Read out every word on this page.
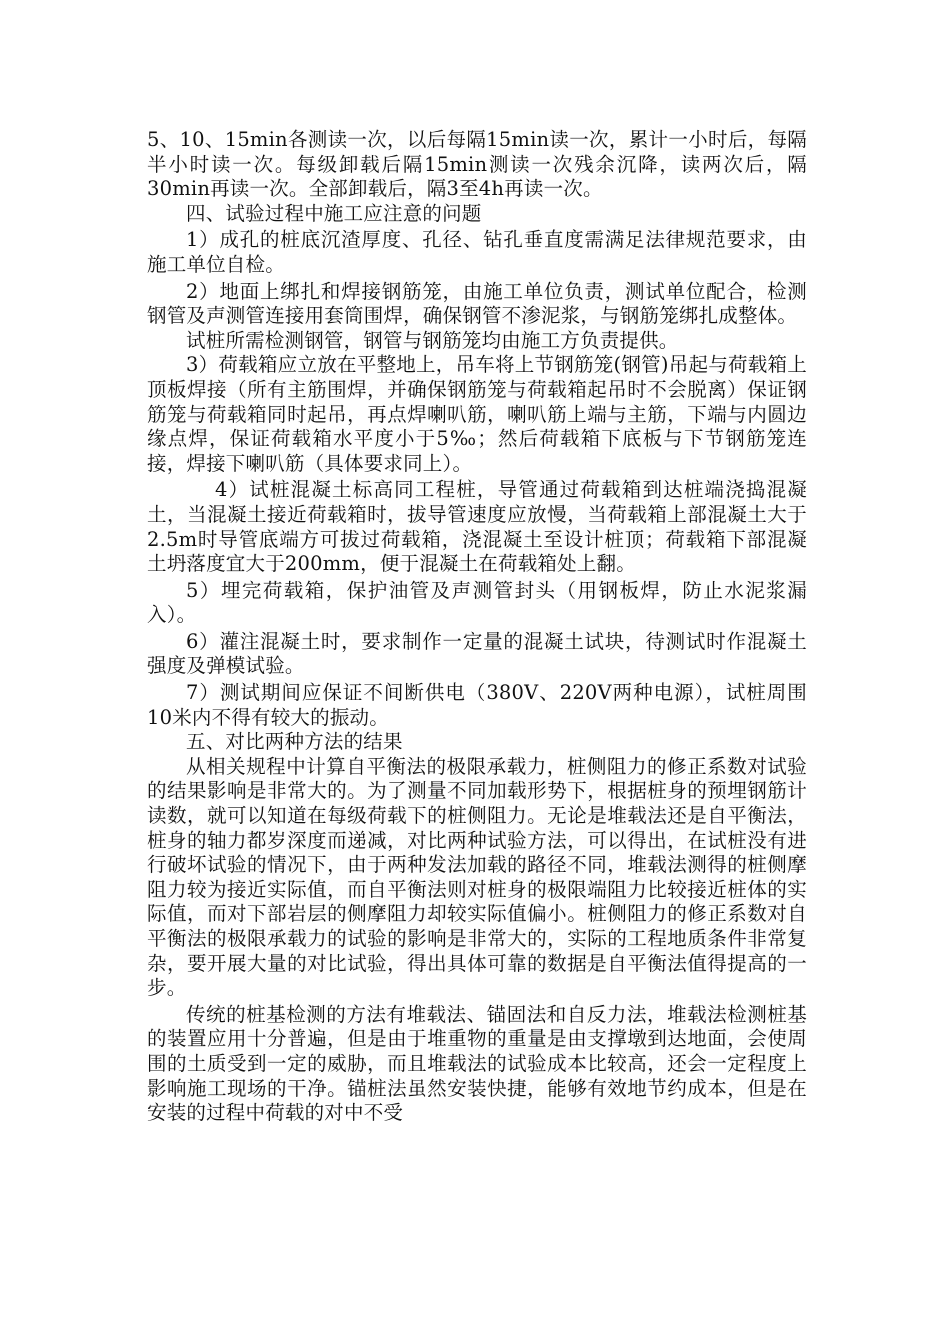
5、10、15min各测读一次，以后每隔15min读一次，累计一小时后，每隔半小时读一次。每级卸载后隔15min测读一次残余沉降，读两次后，隔30min再读一次。全部卸载后，隔3至4h再读一次。

四、试验过程中施工应注意的问题

1）成孔的桩底沉渣厚度、孔径、钻孔垂直度需满足法律规范要求，由施工单位自检。

2）地面上绑扎和焊接钢筋笼，由施工单位负责，测试单位配合，检测钢管及声测管连接用套筒围焊，确保钢管不渗泥浆，与钢筋笼绑扎成整体。

试桩所需检测钢管，钢管与钢筋笼均由施工方负责提供。

3）荷载箱应立放在平整地上，吊车将上节钢筋笼(钢管)吊起与荷载箱上顶板焊接（所有主筋围焊，并确保钢筋笼与荷载箱起吊时不会脱离）保证钢筋笼与荷载箱同时起吊，再点焊喇叭筋，喇叭筋上端与主筋，下端与内圆边缘点焊，保证荷载箱水平度小于5‰；然后荷载箱下底板与下节钢筋笼连接，焊接下喇叭筋（具体要求同上）。

4）试桩混凝土标高同工程桩，导管通过荷载箱到达桩端浇捣混凝土，当混凝土接近荷载箱时，拔导管速度应放慢，当荷载箱上部混凝土大于2.5m时导管底端方可拔过荷载箱，浇混凝土至设计桩顶；荷载箱下部混凝土坍落度宜大于200mm，便于混凝土在荷载箱处上翻。

5）埋完荷载箱，保护油管及声测管封头（用钢板焊，防止水泥浆漏入）。

6）灌注混凝土时，要求制作一定量的混凝土试块，待测试时作混凝土强度及弹模试验。

7）测试期间应保证不间断供电（380V、220V两种电源），试桩周围10米内不得有较大的振动。

五、对比两种方法的结果

从相关规程中计算自平衡法的极限承载力，桩侧阻力的修正系数对试验的结果影响是非常大的。为了测量不同加载形势下，根据桩身的预埋钢筋计读数，就可以知道在每级荷载下的桩侧阻力。无论是堆载法还是自平衡法，桩身的轴力都岁深度而递减，对比两种试验方法，可以得出，在试桩没有进行破坏试验的情况下，由于两种发法加载的路径不同，堆载法测得的桩侧摩阻力较为接近实际值，而自平衡法则对桩身的极限端阻力比较接近桩体的实际值，而对下部岩层的侧摩阻力却较实际值偏小。桩侧阻力的修正系数对自平衡法的极限承载力的试验的影响是非常大的，实际的工程地质条件非常复杂，要开展大量的对比试验，得出具体可靠的数据是自平衡法值得提高的一步。

传统的桩基检测的方法有堆载法、锚固法和自反力法，堆载法检测桩基的装置应用十分普遍，但是由于堆重物的重量是由支撑墩到达地面，会使周围的土质受到一定的威胁，而且堆载法的试验成本比较高，还会一定程度上影响施工现场的干净。锚桩法虽然安装快捷，能够有效地节约成本，但是在安装的过程中荷载的对中不受
